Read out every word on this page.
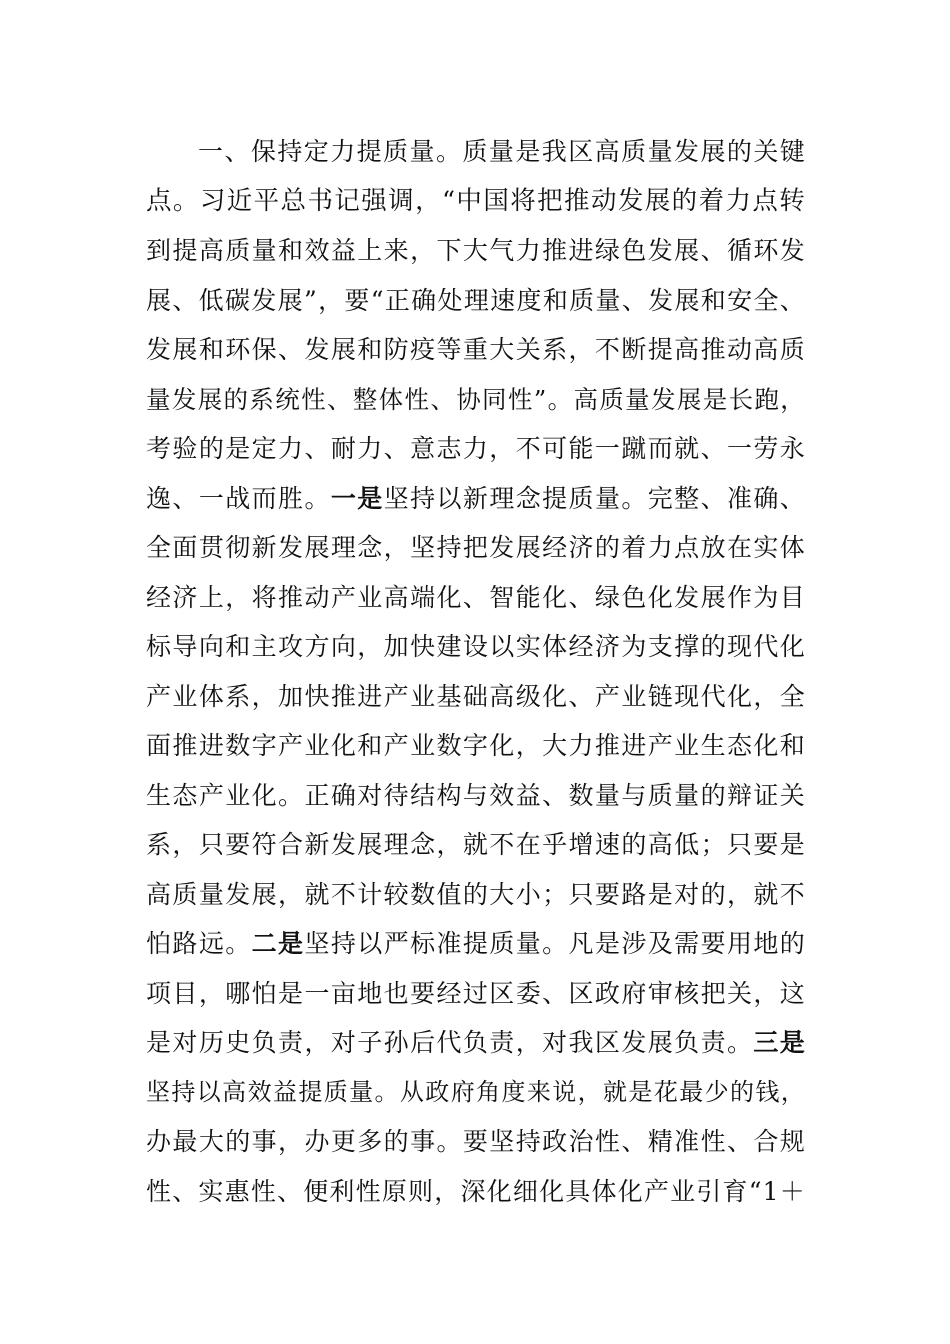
一、保持定力提质量。质量是我区高质量发展的关键
点。习近平总书记强调，“中国将把推动发展的着力点转
到提高质量和效益上来，下大气力推进绿色发展、循环发
展、低碳发展”，要“正确处理速度和质量、发展和安全、
发展和环保、发展和防疫等重大关系，不断提高推动高质
量发展的系统性、整体性、协同性”。高质量发展是长跑，
考验的是定力、耐力、意志力，不可能一蹴而就、一劳永
逸、一战而胜。一是坚持以新理念提质量。完整、准确、
全面贯彻新发展理念，坚持把发展经济的着力点放在实体
经济上，将推动产业高端化、智能化、绿色化发展作为目
标导向和主攻方向，加快建设以实体经济为支撑的现代化
产业体系，加快推进产业基础高级化、产业链现代化，全
面推进数字产业化和产业数字化，大力推进产业生态化和
生态产业化。正确对待结构与效益、数量与质量的辩证关
系，只要符合新发展理念，就不在乎增速的高低；只要是
高质量发展，就不计较数值的大小；只要路是对的，就不
怕路远。二是坚持以严标准提质量。凡是涉及需要用地的
项目，哪怕是一亩地也要经过区委、区政府审核把关，这
是对历史负责，对子孙后代负责，对我区发展负责。三是
坚持以高效益提质量。从政府角度来说，就是花最少的钱，
办最大的事，办更多的事。要坚持政治性、精准性、合规
性、实惠性、便利性原则，深化细化具体化产业引育“1＋
